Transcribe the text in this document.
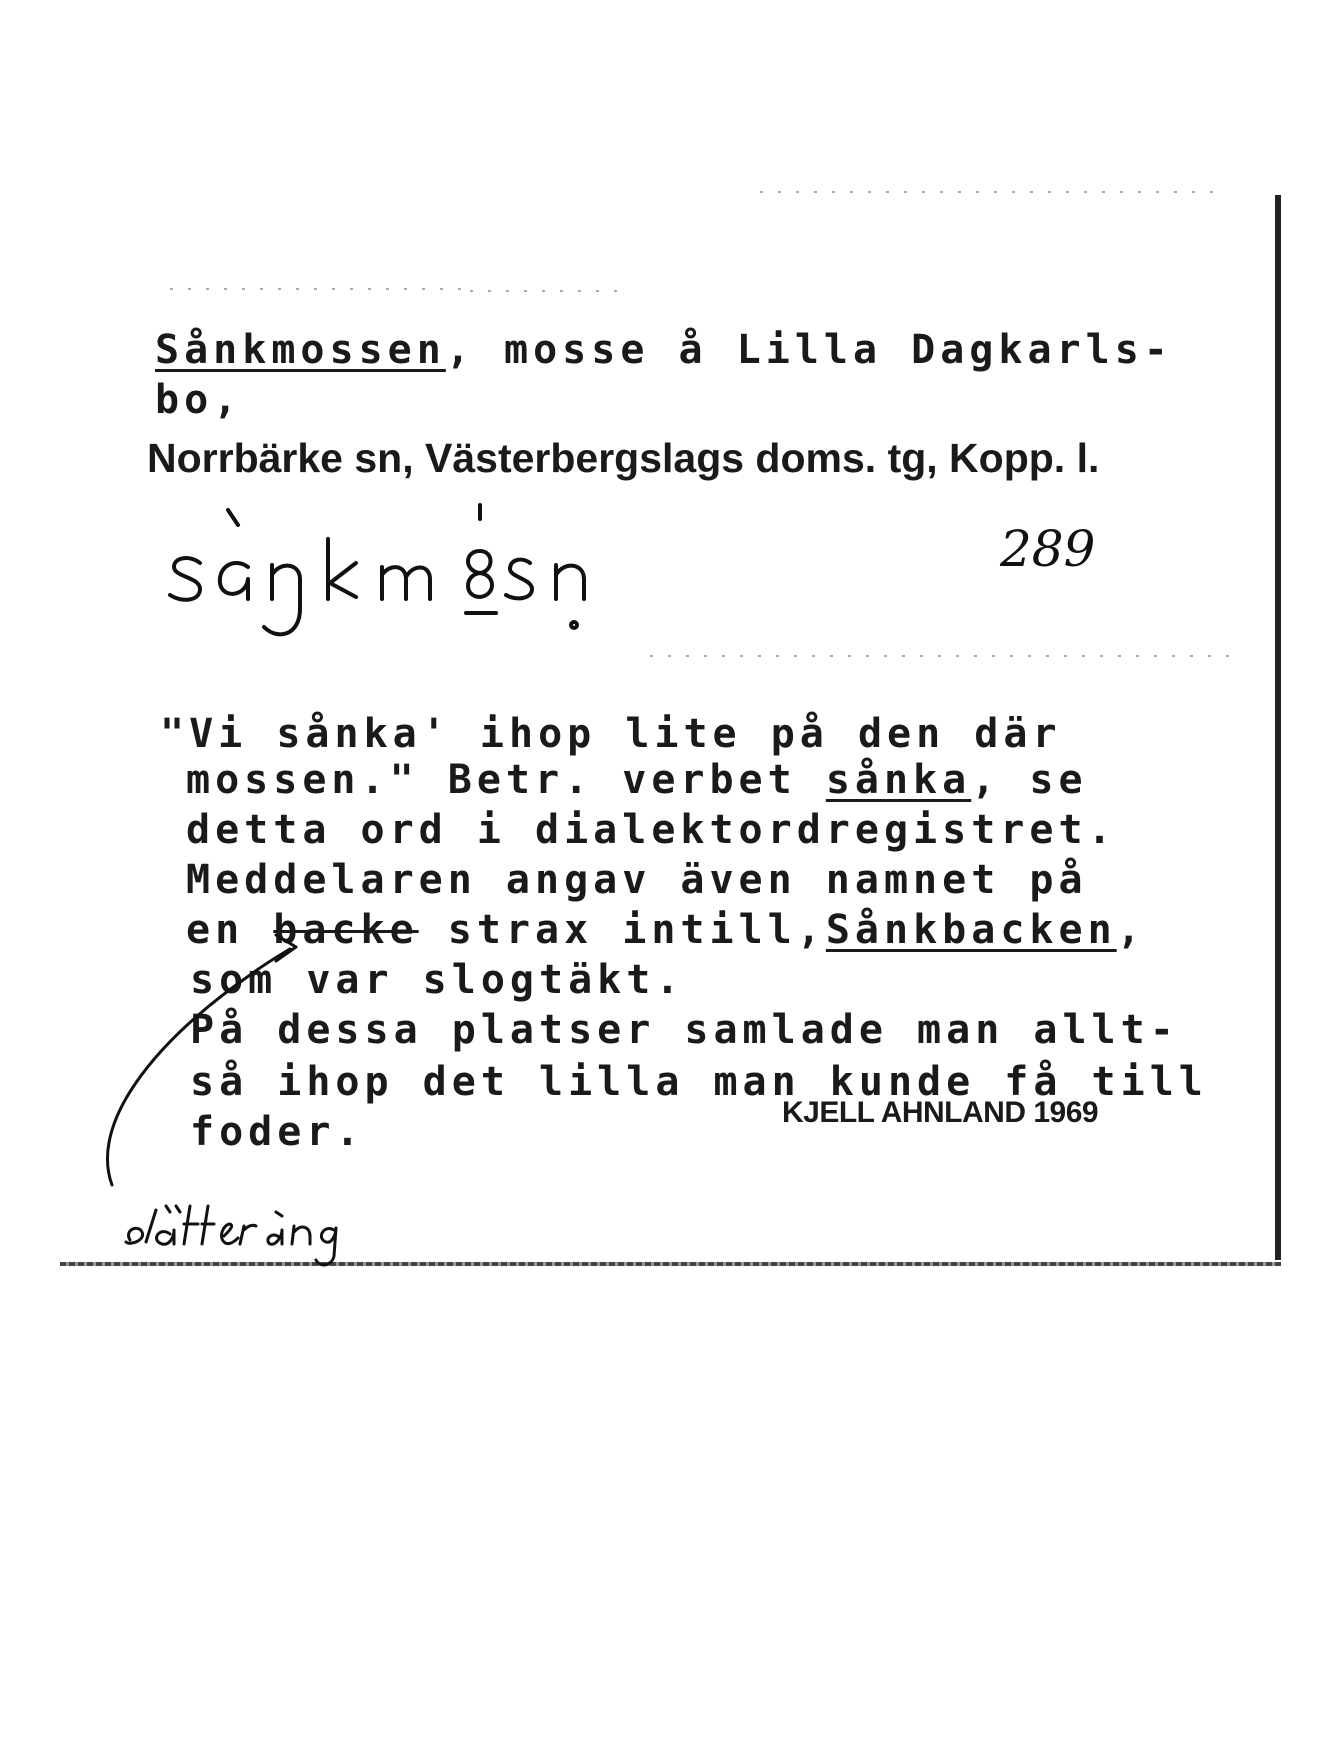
Sånkmossen, mosse å Lilla Dagkarls-
bo,
Norrbärke sn, Västerbergslags doms. tg, Kopp. l.
289
"Vi sånka' ihop lite på den där
mossen." Betr. verbet sånka, se
detta ord i dialektordregistret.
Meddelaren angav även namnet på
en backe strax intill,Sånkbacken,
som var slogtäkt.
På dessa platser samlade man allt-
så ihop det lilla man kunde få till
foder.	KJELL AHNLAND 1969
